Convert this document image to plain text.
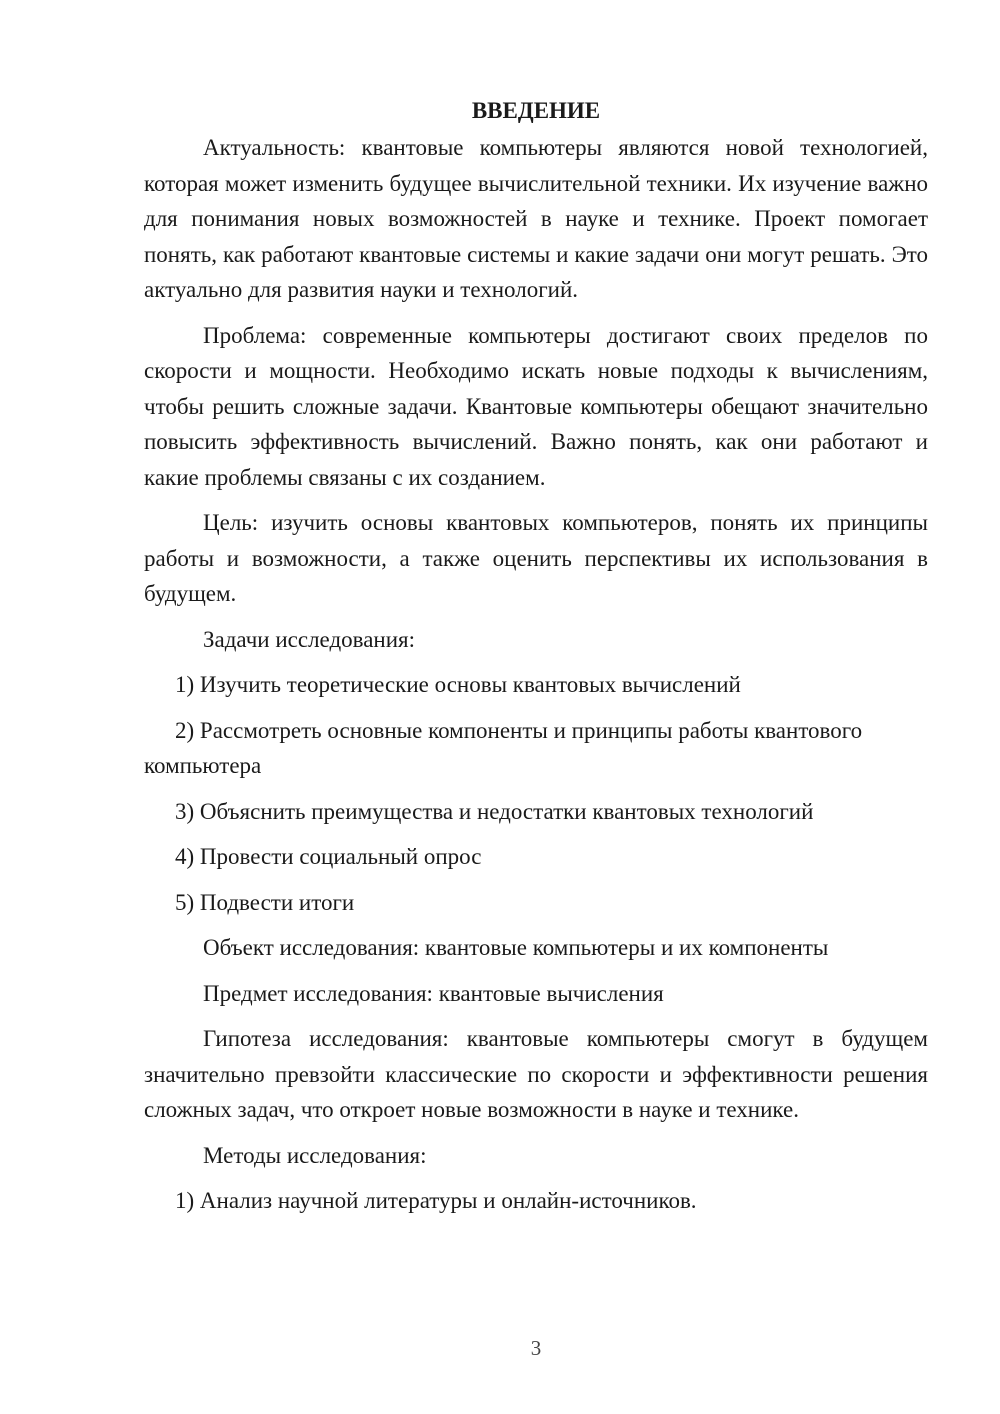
ВВЕДЕНИЕ

Актуальность: квантовые компьютеры являются новой технологией, которая может изменить будущее вычислительной техники. Их изучение важно для понимания новых возможностей в науке и технике. Проект помогает понять, как работают квантовые системы и какие задачи они могут решать. Это актуально для развития науки и технологий.

Проблема: современные компьютеры достигают своих пределов по скорости и мощности. Необходимо искать новые подходы к вычислениям, чтобы решить сложные задачи. Квантовые компьютеры обещают значительно повысить эффективность вычислений. Важно понять, как они работают и какие проблемы связаны с их созданием.

Цель: изучить основы квантовых компьютеров, понять их принципы работы и возможности, а также оценить перспективы их использования в будущем.

Задачи исследования:

1) Изучить теоретические основы квантовых вычислений

2) Рассмотреть основные компоненты и принципы работы квантового компьютера

3) Объяснить преимущества и недостатки квантовых технологий

4) Провести социальный опрос

5) Подвести итоги

Объект исследования: квантовые компьютеры и их компоненты

Предмет исследования: квантовые вычисления

Гипотеза исследования: квантовые компьютеры смогут в будущем значительно превзойти классические по скорости и эффективности решения сложных задач, что откроет новые возможности в науке и технике.

Методы исследования:

1) Анализ научной литературы и онлайн-источников.

3
